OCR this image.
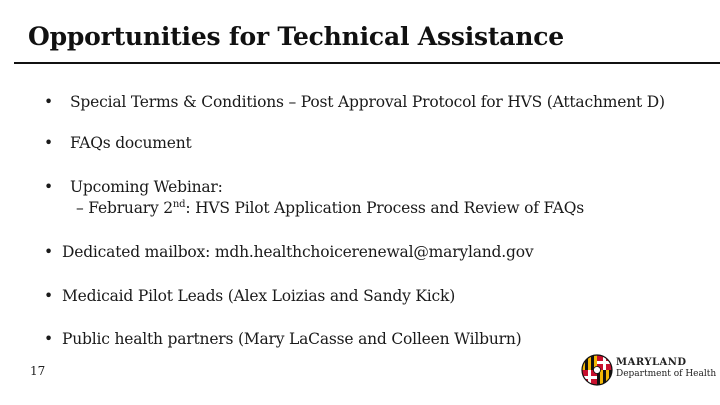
Opportunities for Technical Assistance
• Special Terms & Conditions – Post Approval Protocol for HVS (Attachment D)
• FAQs document
• Upcoming Webinar:
– February 2nd: HVS Pilot Application Process and Review of FAQs
• Dedicated mailbox: mdh.healthchoicerenewal@maryland.gov
• Medicaid Pilot Leads (Alex Loizias and Sandy Kick)
• Public health partners (Mary LaCasse and Colleen Wilburn)
17
MARYLAND
Department of Health
